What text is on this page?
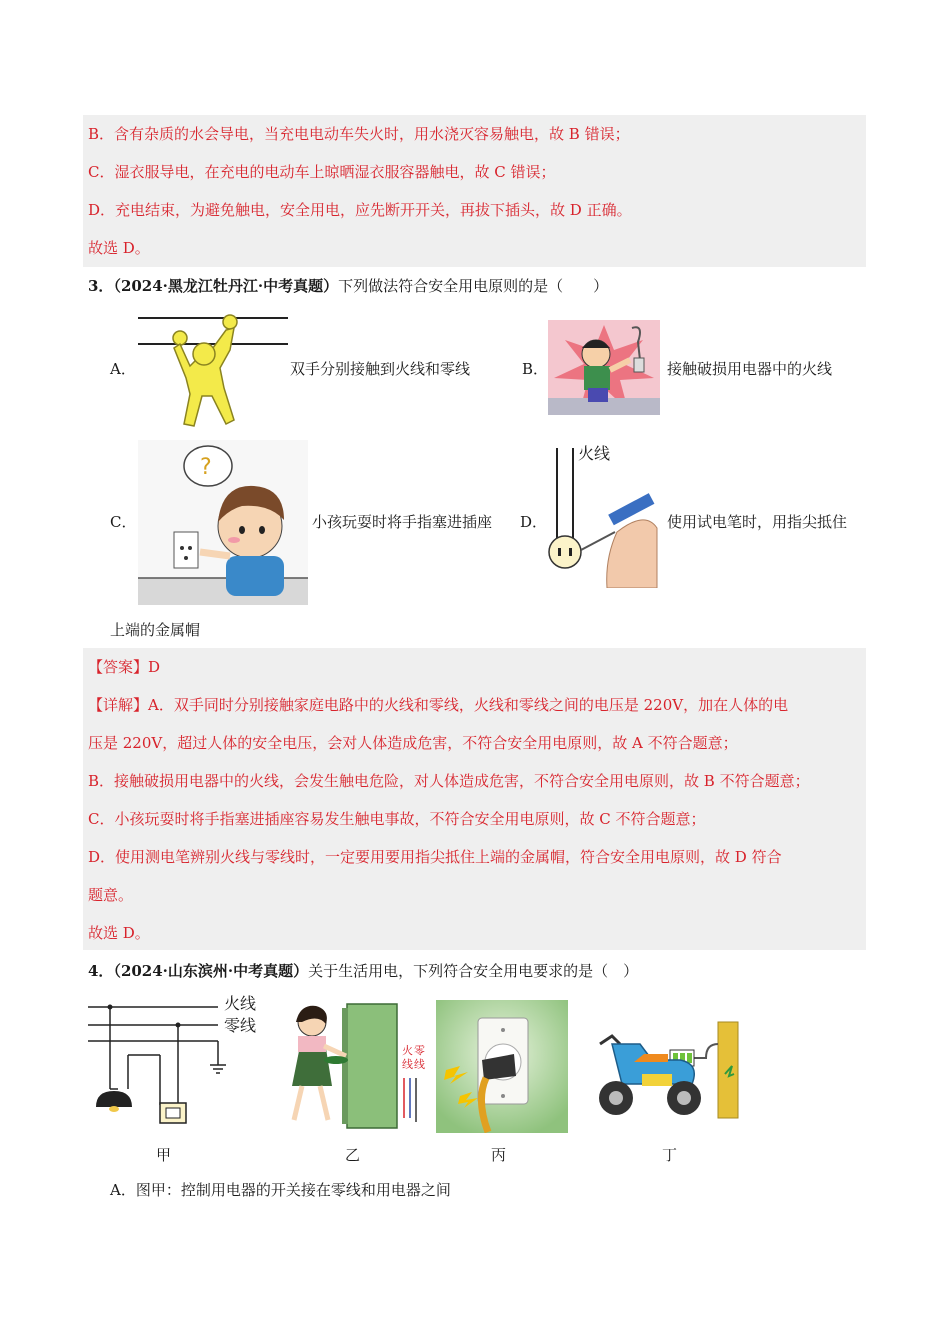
B．含有杂质的水会导电，当充电电动车失火时，用水浇灭容易触电，故 B 错误；
C．湿衣服导电，在充电的电动车上晾晒湿衣服容器触电，故 C 错误；
D．充电结束，为避免触电，安全用电，应先断开开关，再拔下插头，故 D 正确。
故选 D。
3．（2024·黑龙江牡丹江·中考真题）下列做法符合安全用电原则的是（　　）
A．	双手分别接触到火线和零线	B．	接触破损用电器中的火线
C．
?
小孩玩耍时将手指塞进插座 D．
火线
使用试电笔时，用指尖抵住
上端的金属帽
【答案】D
【详解】A．双手同时分别接触家庭电路中的火线和零线，火线和零线之间的电压是 220V，加在人体的电
压是 220V，超过人体的安全电压，会对人体造成危害，不符合安全用电原则，故 A 不符合题意；
B．接触破损用电器中的火线，会发生触电危险，对人体造成危害，不符合安全用电原则，故 B 不符合题意；
C．小孩玩耍时将手指塞进插座容易发生触电事故，不符合安全用电原则，故 C 不符合题意；
D．使用测电笔辨别火线与零线时，一定要用要用指尖抵住上端的金属帽，符合安全用电原则，故 D 符合
题意。
故选 D。
4．（2024·山东滨州·中考真题）关于生活用电，下列符合安全用电要求的是（　）
火线
零线
甲
火 零
线 线
乙	丙	丁
A．图甲：控制用电器的开关接在零线和用电器之间
